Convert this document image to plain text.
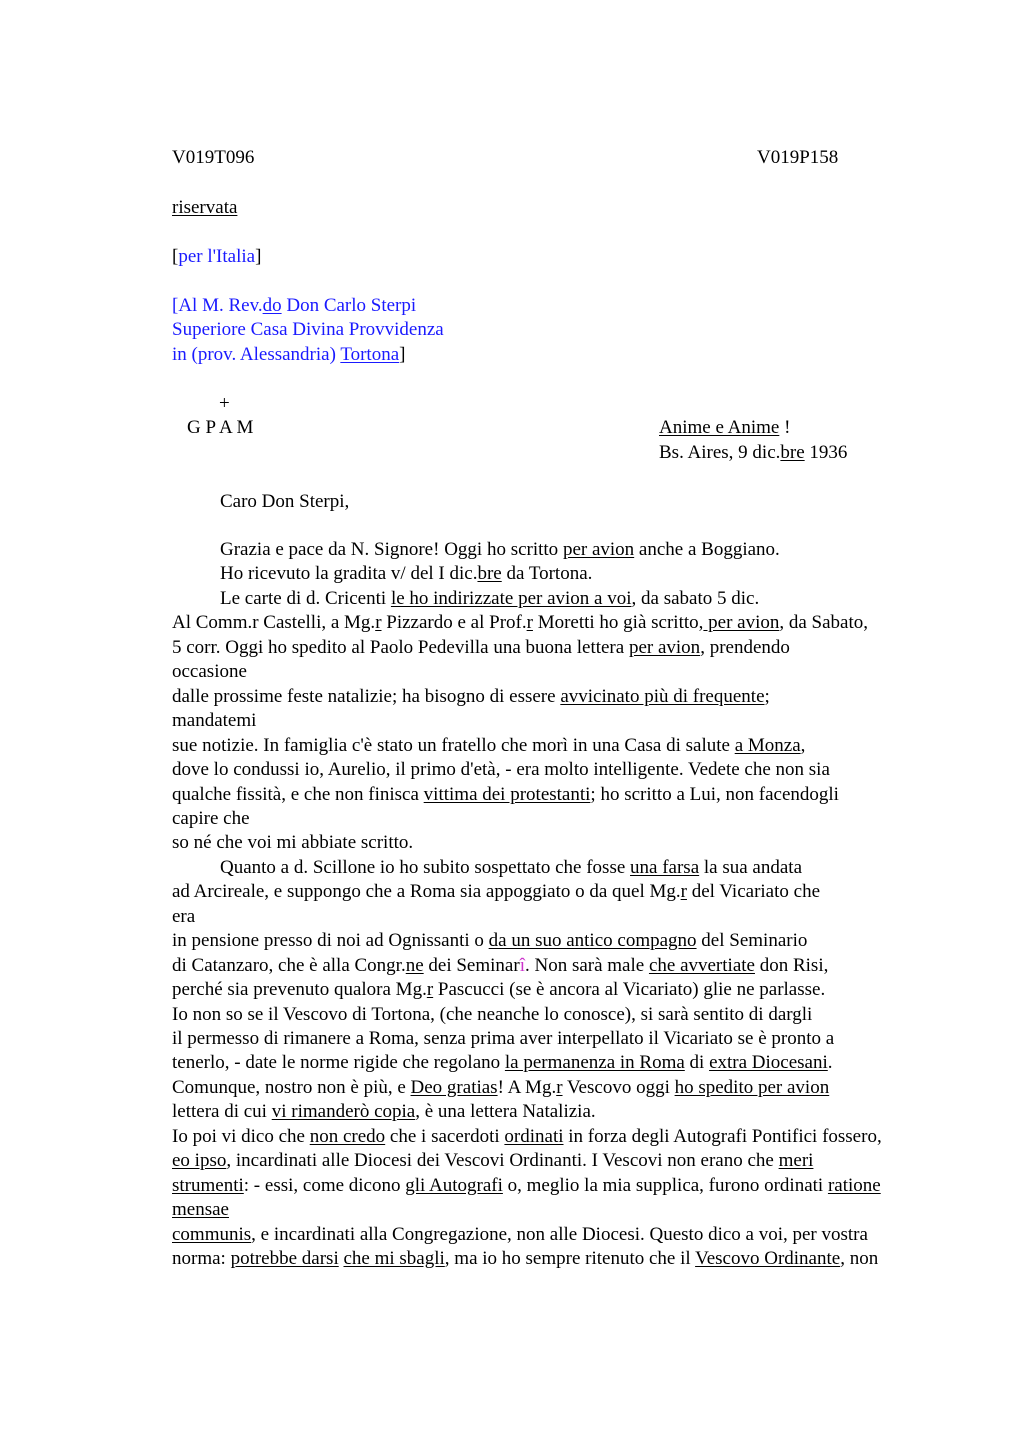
V019T096	V019P158
riservata
[per l'Italia]
[Al M. Rev.do Don Carlo Sterpi
Superiore Casa Divina Provvidenza
in (prov. Alessandria) Tortona]
+
G P A M	Anime e Anime !
Bs. Aires, 9 dic.bre 1936
Caro Don Sterpi,
Grazia e pace da N. Signore! Oggi ho scritto per avion anche a Boggiano.
Ho ricevuto la gradita v/ del I dic.bre da Tortona.
Le carte di d. Cricenti le ho indirizzate per avion a voi, da sabato 5 dic.
Al Comm.r Castelli, a Mg.r Pizzardo e al Prof.r Moretti ho già scritto, per avion, da Sabato,
5 corr. Oggi ho spedito al Paolo Pedevilla una buona lettera per avion, prendendo
occasione
dalle prossime feste natalizie; ha bisogno di essere avvicinato più di frequente;
mandatemi
sue notizie. In famiglia c'è stato un fratello che morì in una Casa di salute a Monza,
dove lo condussi io, Aurelio, il primo d'età, - era molto intelligente. Vedete che non sia
qualche fissità, e che non finisca vittima dei protestanti; ho scritto a Lui, non facendogli
capire che
so né che voi mi abbiate scritto.
Quanto a d. Scillone io ho subito sospettato che fosse una farsa la sua andata
ad Arcireale, e suppongo che a Roma sia appoggiato o da quel Mg.r del Vicariato che
era
in pensione presso di noi ad Ognissanti o da un suo antico compagno del Seminario
di Catanzaro, che è alla Congr.ne dei Seminarî. Non sarà male che avvertiate don Risi,
perché sia prevenuto qualora Mg.r Pascucci (se è ancora al Vicariato) glie ne parlasse.
Io non so se il Vescovo di Tortona, (che neanche lo conosce), si sarà sentito di dargli
il permesso di rimanere a Roma, senza prima aver interpellato il Vicariato se è pronto a
tenerlo, - date le norme rigide che regolano la permanenza in Roma di extra Diocesani.
Comunque, nostro non è più, e Deo gratias! A Mg.r Vescovo oggi ho spedito per avion
lettera di cui vi rimanderò copia, è una lettera Natalizia.
Io poi vi dico che non credo che i sacerdoti ordinati in forza degli Autografi Pontifici fossero,
eo ipso, incardinati alle Diocesi dei Vescovi Ordinanti. I Vescovi non erano che meri
strumenti: - essi, come dicono gli Autografi o, meglio la mia supplica, furono ordinati ratione
mensae
communis, e incardinati alla Congregazione, non alle Diocesi. Questo dico a voi, per vostra
norma: potrebbe darsi che mi sbagli, ma io ho sempre ritenuto che il Vescovo Ordinante, non
